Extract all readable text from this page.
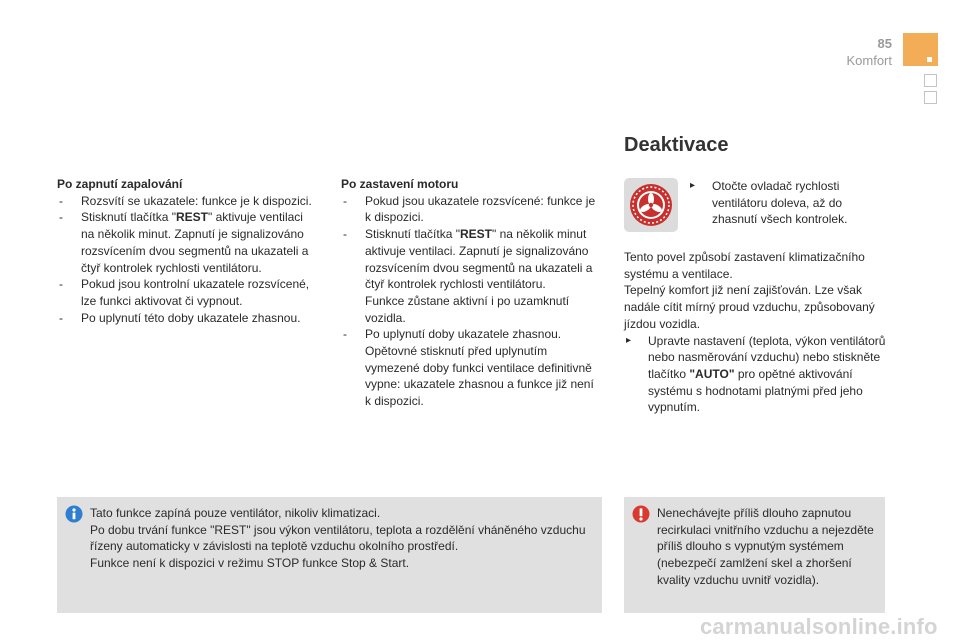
85
Komfort

Po zapnutí zapalování

- Rozsvítí se ukazatele: funkce je k dispozici.
- Stisknutí tlačítka "REST" aktivuje ventilaci na několik minut. Zapnutí je signalizováno rozsvícením dvou segmentů na ukazateli a čtyř kontrolek rychlosti ventilátoru.
- Pokud jsou kontrolní ukazatele rozsvícené, lze funkci aktivovat či vypnout.
- Po uplynutí této doby ukazatele zhasnou.

Po zastavení motoru

- Pokud jsou ukazatele rozsvícené: funkce je k dispozici.
- Stisknutí tlačítka "REST" na několik minut aktivuje ventilaci. Zapnutí je signalizováno rozsvícením dvou segmentů na ukazateli a čtyř kontrolek rychlosti ventilátoru.
Funkce zůstane aktivní i po uzamknutí vozidla.
- Po uplynutí doby ukazatele zhasnou.
Opětovné stisknutí před uplynutím vymezené doby funkci ventilace definitivně vypne: ukazatele zhasnou a funkce již není k dispozici.
Deaktivace
▸ Otočte ovladač rychlosti ventilátoru doleva, až do zhasnutí všech kontrolek.

Tento povel způsobí zastavení klimatizačního systému a ventilace.

Tepelný komfort již není zajišťován. Lze však nadále cítit mírný proud vzduchu, způsobovaný jízdou vozidla.

▸ Upravte nastavení (teplota, výkon ventilátorů nebo nasměrování vzduchu) nebo stiskněte tlačítko "AUTO" pro opětné aktivování systému s hodnotami platnými před jeho vypnutím.

Tato funkce zapíná pouze ventilátor, nikoliv klimatizaci.

Po dobu trvání funkce "REST" jsou výkon ventilátoru, teplota a rozdělění vháněného vzduchu řízeny automaticky v závislosti na teplotě vzduchu okolního prostředí.

Funkce není k dispozici v režimu STOP funkce Stop & Start.

Nenechávejte příliš dlouho zapnutou recirkulaci vnitřního vzduchu a nejezděte příliš dlouho s vypnutým systémem (nebezpečí zamlžení skel a zhoršení kvality vzduchu uvnitř vozidla).
carmanualsonline.info
